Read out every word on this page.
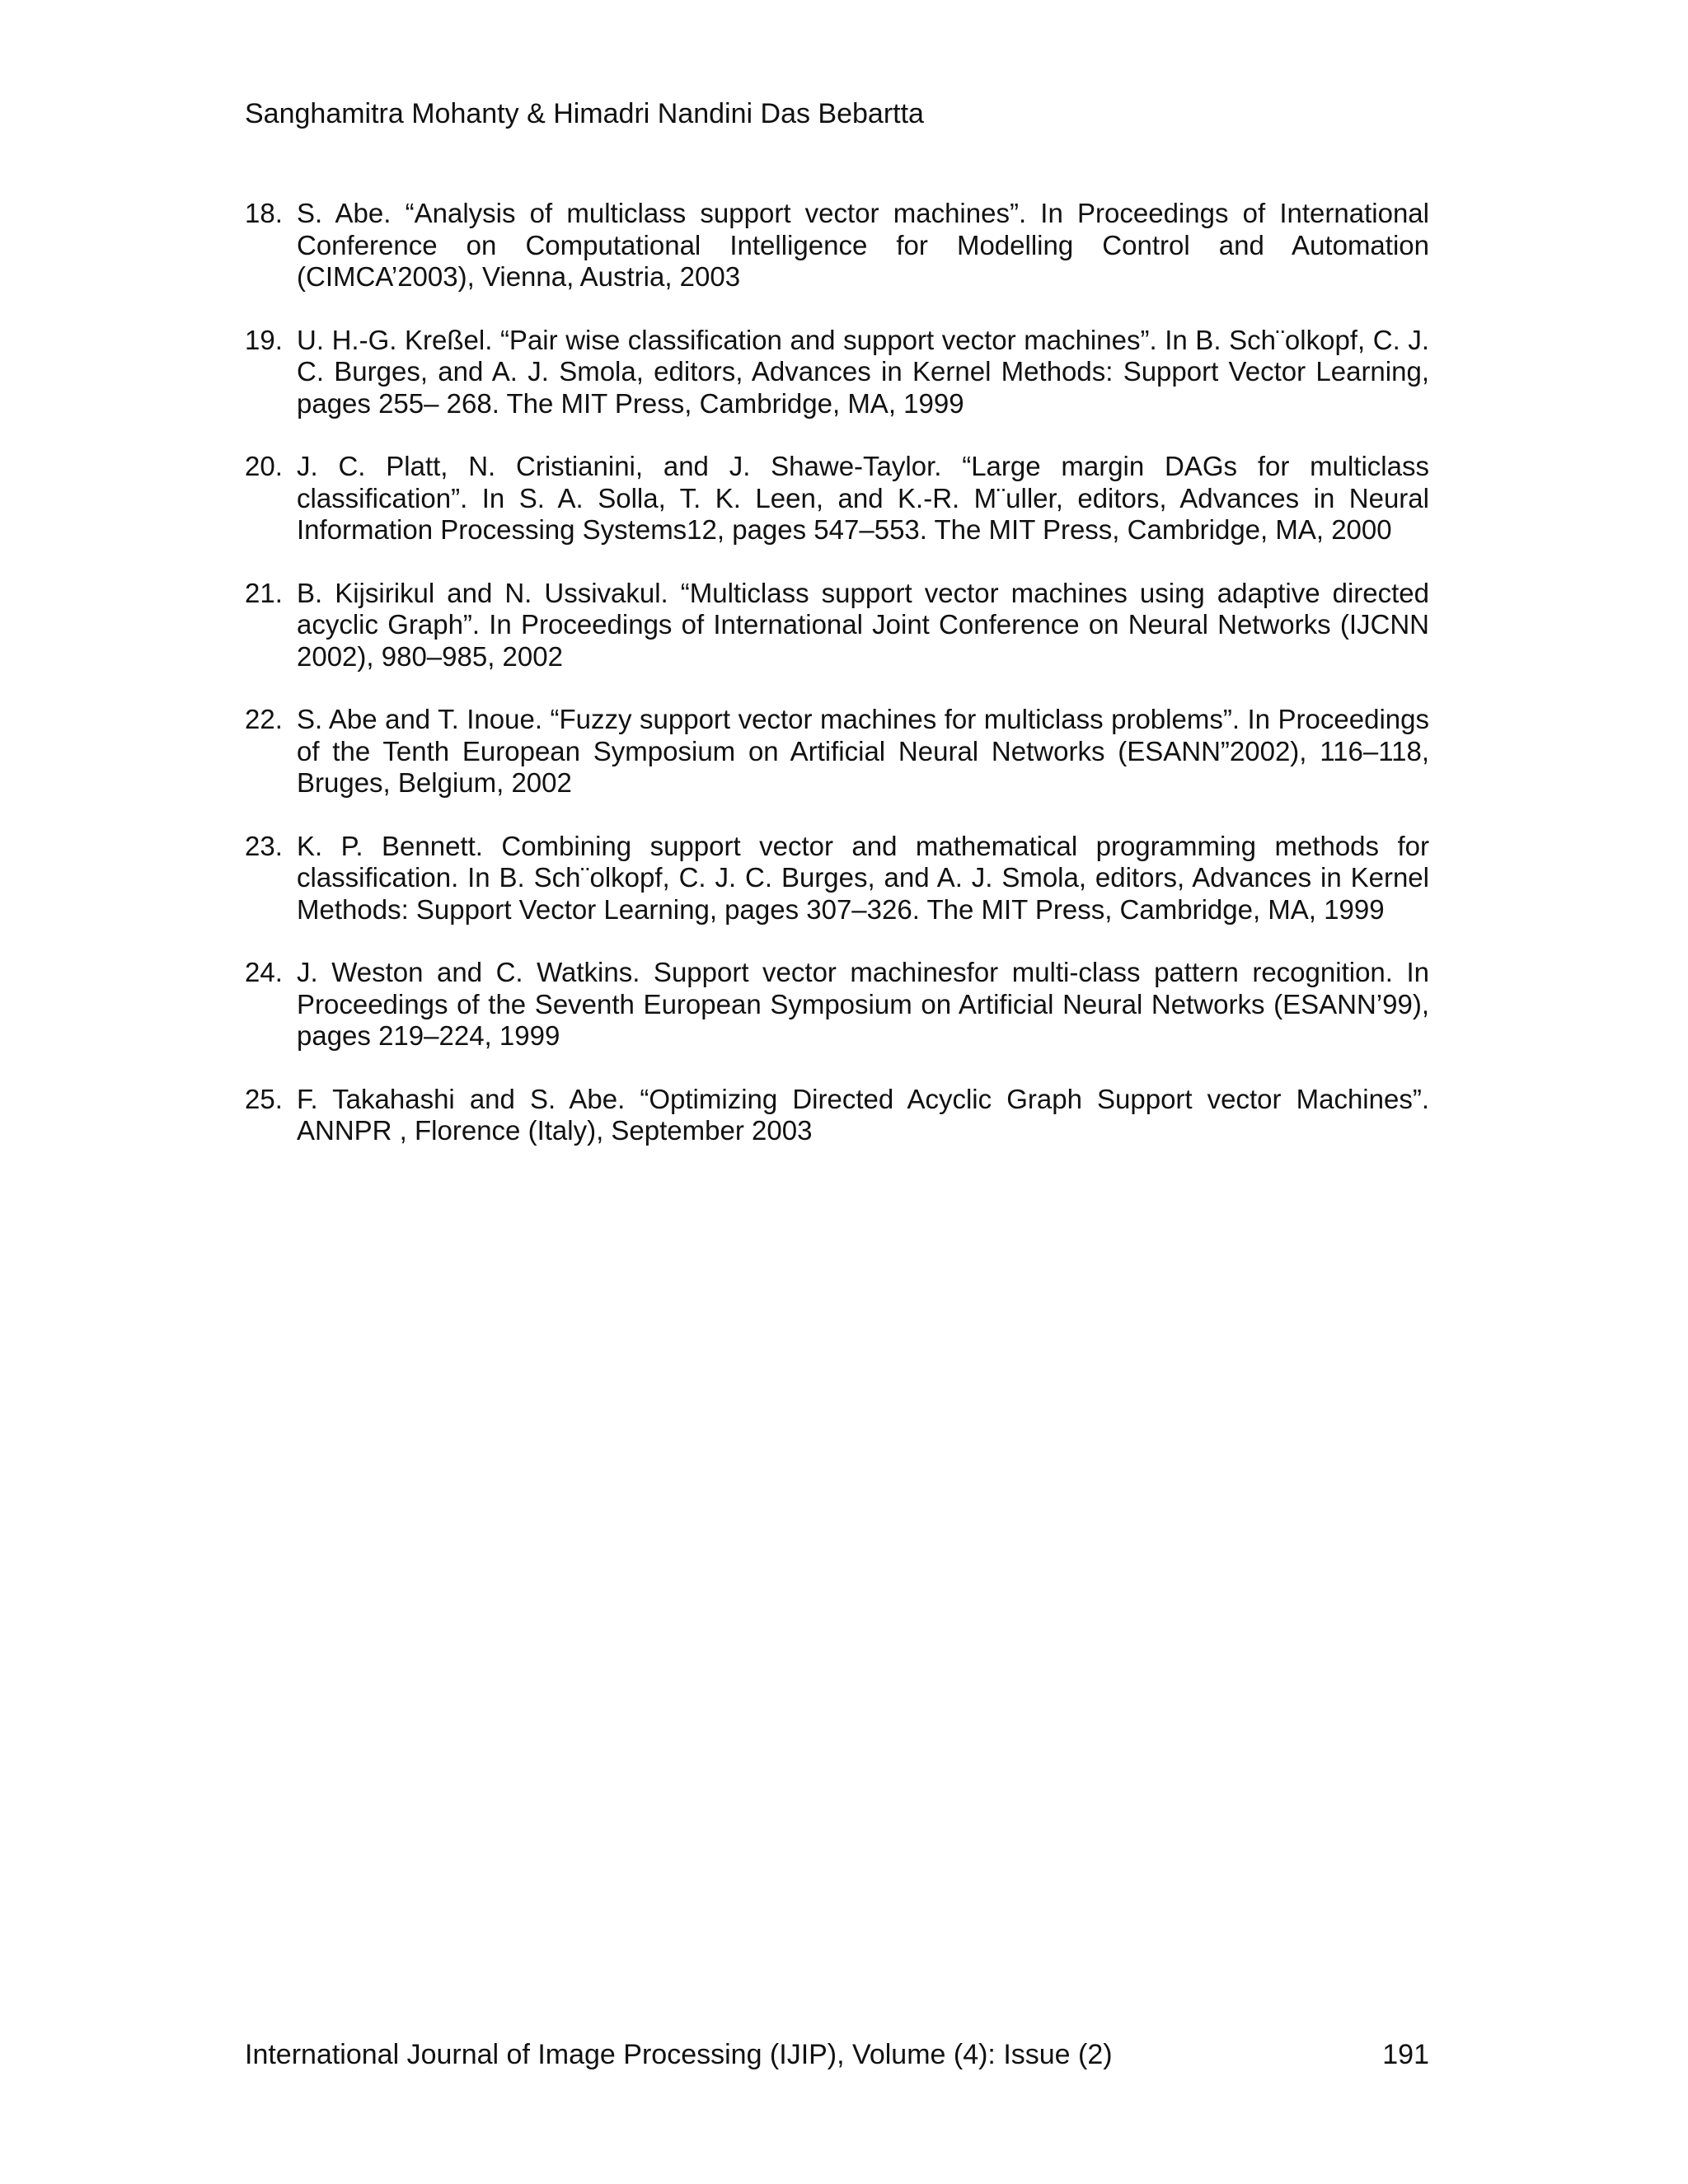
Sanghamitra Mohanty & Himadri Nandini Das Bebartta
18. S. Abe. “Analysis of multiclass support vector machines”. In Proceedings of International Conference on Computational Intelligence for Modelling Control and Automation (CIMCA’2003), Vienna, Austria, 2003
19. U. H.-G. Kreßel. “Pair wise classification and support vector machines”. In B. Sch¨olkopf, C. J. C. Burges, and A. J. Smola, editors, Advances in Kernel Methods: Support Vector Learning, pages 255– 268. The MIT Press, Cambridge, MA, 1999
20. J. C. Platt, N. Cristianini, and J. Shawe-Taylor. “Large margin DAGs for multiclass classification”. In S. A. Solla, T. K. Leen, and K.-R. M¨uller, editors, Advances in Neural Information Processing Systems12, pages 547–553. The MIT Press, Cambridge, MA, 2000
21. B. Kijsirikul and N. Ussivakul. “Multiclass support vector machines using adaptive directed acyclic Graph”. In Proceedings of International Joint Conference on Neural Networks (IJCNN 2002), 980–985, 2002
22. S. Abe and T. Inoue. “Fuzzy support vector machines for multiclass problems”. In Proceedings of the Tenth European Symposium on Artificial Neural Networks (ESANN”2002), 116–118, Bruges, Belgium, 2002
23. K. P. Bennett. Combining support vector and mathematical programming methods for classification. In B. Sch¨olkopf, C. J. C. Burges, and A. J. Smola, editors, Advances in Kernel Methods: Support Vector Learning, pages 307–326. The MIT Press, Cambridge, MA, 1999
24. J. Weston and C. Watkins. Support vector machinesfor multi-class pattern recognition. In Proceedings of the Seventh European Symposium on Artificial Neural Networks (ESANN’99), pages 219–224, 1999
25. F. Takahashi and S. Abe. “Optimizing Directed Acyclic Graph Support vector Machines”. ANNPR , Florence (Italy), September 2003
International Journal of Image Processing (IJIP), Volume (4): Issue (2)	191
